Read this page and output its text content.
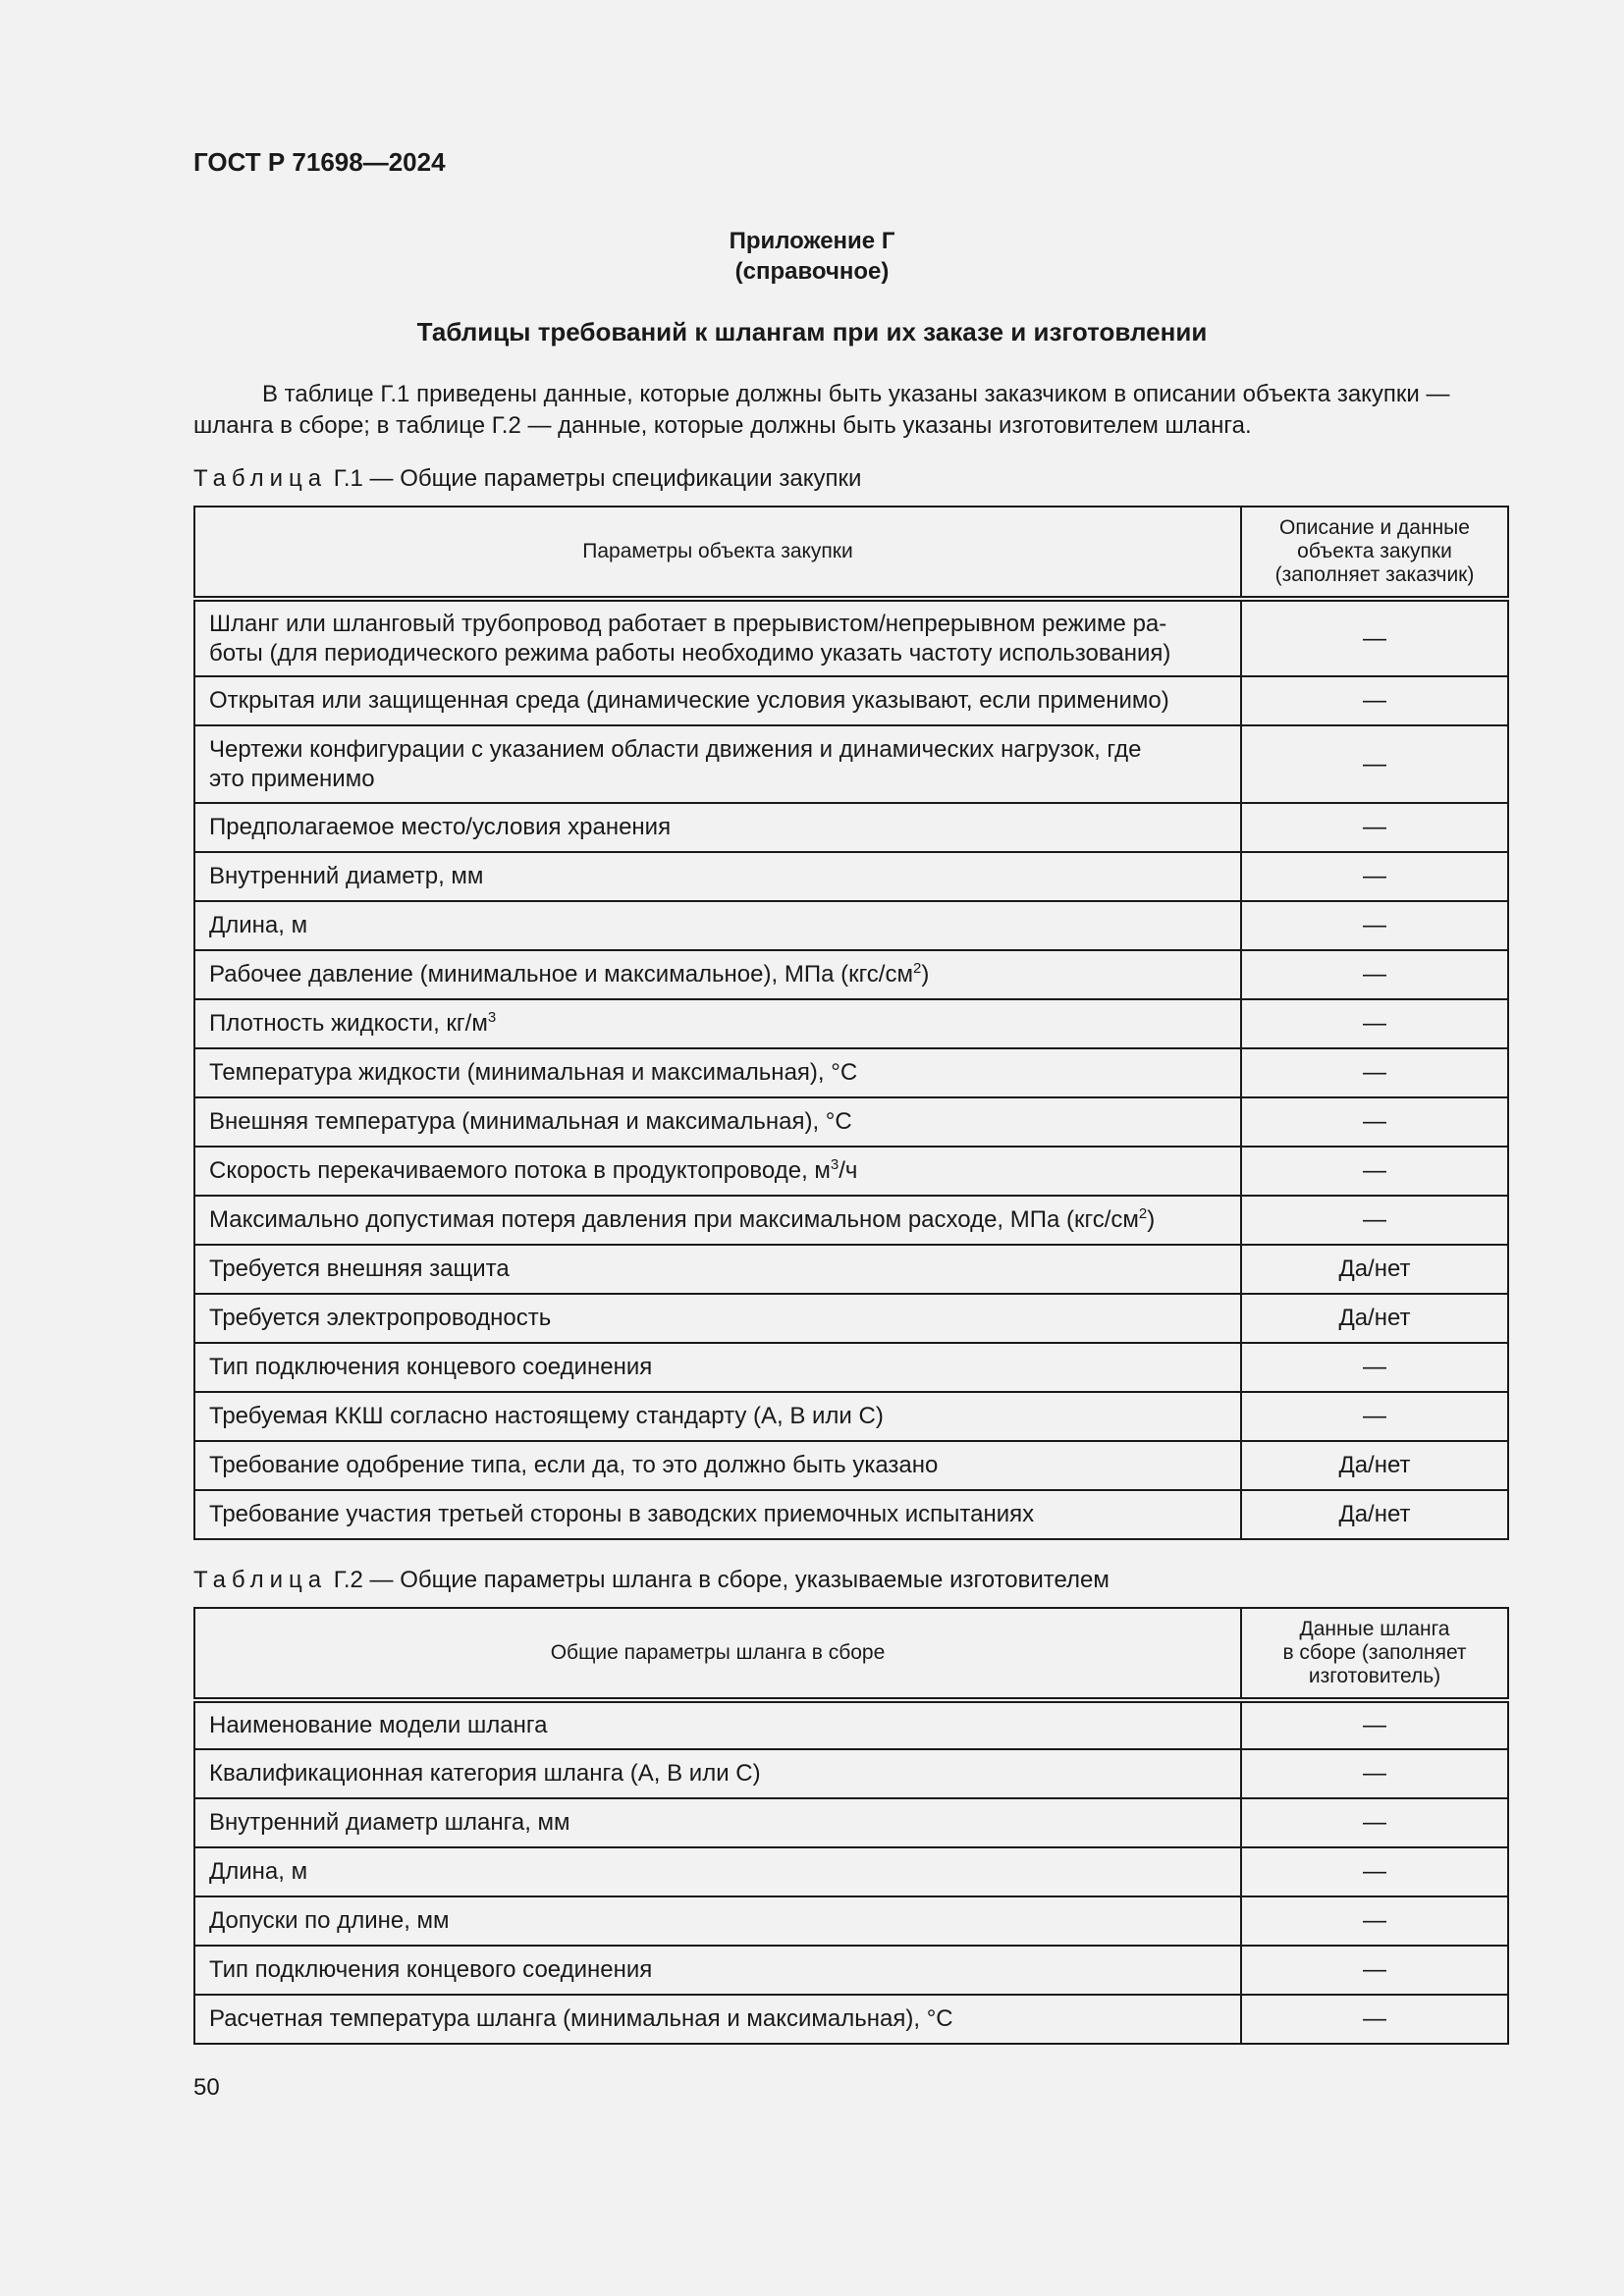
ГОСТ Р 71698—2024
Приложение Г
(справочное)
Таблицы требований к шлангам при их заказе и изготовлении
В таблице Г.1 приведены данные, которые должны быть указаны заказчиком в описании объекта закупки —
шланга в сборе; в таблице Г.2 — данные, которые должны быть указаны изготовителем шланга.
Таблица Г.1 — Общие параметры спецификации закупки
Параметры объекта закупки	Описание и данные
объекта закупки
(заполняет заказчик)
Шланг или шланговый трубопровод работает в прерывистом/непрерывном режиме ра-
боты (для периодического режима работы необходимо указать частоту использования)	—
Открытая или защищенная среда (динамические условия указывают, если применимо)	—
Чертежи конфигурации с указанием области движения и динамических нагрузок, где
это применимо	—
Предполагаемое место/условия хранения	—
Внутренний диаметр, мм	—
Длина, м	—
Рабочее давление (минимальное и максимальное), МПа $(кгс/см^2)$	—
Плотность жидкости, $кг/м^3$	—
Температура жидкости (минимальная и максимальная), °С	—
Внешняя температура (минимальная и максимальная), °С	—
Скорость перекачиваемого потока в продуктопроводе, $м^3/ч$	—
Максимально допустимая потеря давления при максимальном расходе, МПа $(кгс/см^2)$	—
Требуется внешняя защита	Да/нет
Требуется электропроводность	Да/нет
Тип подключения концевого соединения	—
Требуемая ККШ согласно настоящему стандарту (А, В или С)	—
Требование одобрение типа, если да, то это должно быть указано	Да/нет
Требование участия третьей стороны в заводских приемочных испытаниях	Да/нет
Таблица Г.2 — Общие параметры шланга в сборе, указываемые изготовителем
Общие параметры шланга в сборе	Данные шланга
в сборе (заполняет
изготовитель)
Наименование модели шланга	—
Квалификационная категория шланга (А, В или С)	—
Внутренний диаметр шланга, мм	—
Длина, м	—
Допуски по длине, мм	—
Тип подключения концевого соединения	—
Расчетная температура шланга (минимальная и максимальная), °С	—
50
